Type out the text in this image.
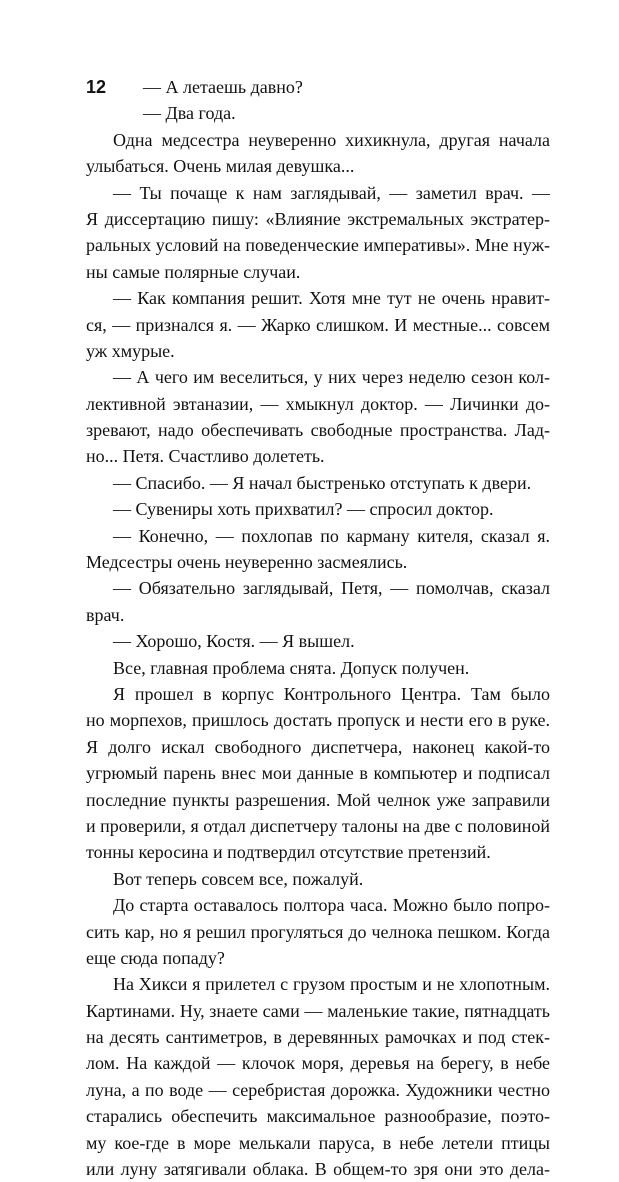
12	— А летаешь давно?
— Два года.
Одна медсестра неуверенно хихикнула, другая начала
улыбаться. Очень милая девушка...
— Ты почаще к нам заглядывай, — заметил врач. —
Я диссертацию пишу: «Влияние экстремальных экстратер-
ральных условий на поведенческие императивы». Мне нуж-
ны самые полярные случаи.
— Как компания решит. Хотя мне тут не очень нравит-
ся, — признался я. — Жарко слишком. И местные... совсем
уж хмурые.
— А чего им веселиться, у них через неделю сезон кол-
лективной эвтаназии, — хмыкнул доктор. — Личинки до-
зревают, надо обеспечивать свободные пространства. Лад-
но... Петя. Счастливо долететь.
— Спасибо. — Я начал быстренько отступать к двери.
— Сувениры хоть прихватил? — спросил доктор.
— Конечно, — похлопав по карману кителя, сказал я.
Медсестры очень неуверенно засмеялись.
— Обязательно заглядывай, Петя, — помолчав, сказал
врач.
— Хорошо, Костя. — Я вышел.
Все, главная проблема снята. Допуск получен.
Я прошел в корпус Контрольного Центра. Там было
но морпехов, пришлось достать пропуск и нести его в руке.
Я долго искал свободного диспетчера, наконец какой-то
угрюмый парень внес мои данные в компьютер и подписал
последние пункты разрешения. Мой челнок уже заправили
и проверили, я отдал диспетчеру талоны на две с половиной
тонны керосина и подтвердил отсутствие претензий.
Вот теперь совсем все, пожалуй.
До старта оставалось полтора часа. Можно было попро-
сить кар, но я решил прогуляться до челнока пешком. Когда
еще сюда попаду?
На Хикси я прилетел с грузом простым и не хлопотным.
Картинами. Ну, знаете сами — маленькие такие, пятнадцать
на десять сантиметров, в деревянных рамочках и под стек-
лом. На каждой — клочок моря, деревья на берегу, в небе
луна, а по воде — серебристая дорожка. Художники честно
старались обеспечить максимальное разнообразие, поэто-
му кое-где в море мелькали паруса, в небе летели птицы
или луну затягивали облака. В общем-то зря они это дела-
